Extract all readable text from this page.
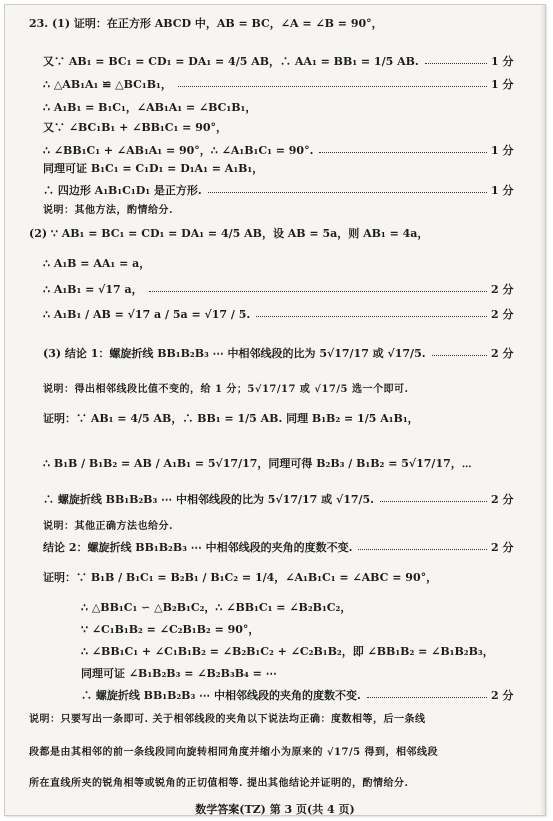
23. (1) 证明：在正方形 ABCD 中，AB = BC，∠A = ∠B = 90°，
又∵ AB₁ = BC₁ = CD₁ = DA₁ = 4/5 AB，∴ AA₁ = BB₁ = 1/5 AB.	1 分
∴ △AB₁A₁ ≌ △BC₁B₁，	1 分
∴ A₁B₁ = B₁C₁，∠AB₁A₁ = ∠BC₁B₁，
又∵ ∠BC₁B₁ + ∠BB₁C₁ = 90°，
∴ ∠BB₁C₁ + ∠AB₁A₁ = 90°，∴ ∠A₁B₁C₁ = 90°.	1 分
同理可证 B₁C₁ = C₁D₁ = D₁A₁ = A₁B₁，
∴ 四边形 A₁B₁C₁D₁ 是正方形.	1 分
说明：其他方法，酌情给分.
(2) ∵ AB₁ = BC₁ = CD₁ = DA₁ = 4/5 AB，设 AB = 5a，则 AB₁ = 4a，
∴ A₁B = AA₁ = a，
∴ A₁B₁ = √17 a，	2 分
∴ A₁B₁ / AB = √17 a / 5a = √17 / 5.	2 分
(3) 结论 1：螺旋折线 BB₁B₂B₃ ⋯ 中相邻线段的比为 5√17/17 或 √17/5.	2 分
说明：得出相邻线段比值不变的，给 1 分；5√17/17 或 √17/5 选一个即可.
证明：∵ AB₁ = 4/5 AB，∴ BB₁ = 1/5 AB. 同理 B₁B₂ = 1/5 A₁B₁，
∴ B₁B / B₁B₂ = AB / A₁B₁ = 5√17/17，同理可得 B₂B₃ / B₁B₂ = 5√17/17，⋯
∴ 螺旋折线 BB₁B₂B₃ ⋯ 中相邻线段的比为 5√17/17 或 √17/5.	2 分
说明：其他正确方法也给分.
结论 2：螺旋折线 BB₁B₂B₃ ⋯ 中相邻线段的夹角的度数不变.	2 分
证明：∵ B₁B / B₁C₁ = B₂B₁ / B₁C₂ = 1/4，∠A₁B₁C₁ = ∠ABC = 90°，
∴ △BB₁C₁ ∽ △B₂B₁C₂，∴ ∠BB₁C₁ = ∠B₂B₁C₂，
∵ ∠C₁B₁B₂ = ∠C₂B₁B₂ = 90°，
∴ ∠BB₁C₁ + ∠C₁B₁B₂ = ∠B₂B₁C₂ + ∠C₂B₁B₂，即 ∠BB₁B₂ = ∠B₁B₂B₃，
同理可证 ∠B₁B₂B₃ = ∠B₂B₃B₄ = ⋯
∴ 螺旋折线 BB₁B₂B₃ ⋯ 中相邻线段的夹角的度数不变.	2 分
说明：只要写出一条即可. 关于相邻线段的夹角以下说法均正确：度数相等，后一条线
段都是由其相邻的前一条线段同向旋转相同角度并缩小为原来的 √17/5 得到，相邻线段
所在直线所夹的锐角相等或锐角的正切值相等. 提出其他结论并证明的，酌情给分.
数学答案(TZ) 第 3 页(共 4 页)
